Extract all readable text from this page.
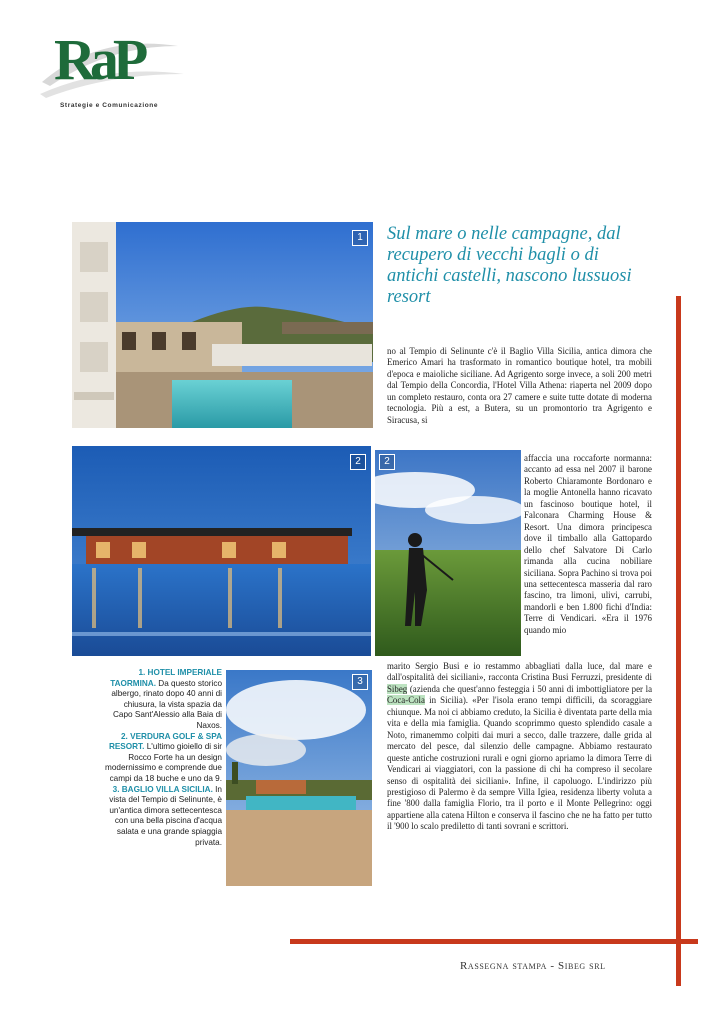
RaP
Strategie e Comunicazione
1
2	2
3
Sul mare o nelle campagne, dal recupero di vecchi bagli o di antichi castelli, nascono lussuosi resort

no al Tempio di Selinunte c'è il Baglio Villa Sicilia, antica dimora che Emerico Amari ha trasformato in romantico boutique hotel, tra mobili d'epoca e maioliche siciliane. Ad Agrigento sorge invece, a soli 200 metri dal Tempio della Concordia, l'Hotel Villa Athena: riaperta nel 2009 dopo un completo restauro, conta ora 27 camere e suite tutte dotate di moderna tecnologia. Più a est, a Butera, su un promontorio tra Agrigento e Siracusa, si

affaccia una roccaforte normanna: accanto ad essa nel 2007 il barone Roberto Chiaramonte Bordonaro e la moglie Antonella hanno ricavato un fascinoso boutique hotel, il Falconara Charming House & Resort. Una dimora principesca dove il timballo alla Gattopardo dello chef Salvatore Di Carlo rimanda alla cucina nobiliare siciliana. Sopra Pachino si trova poi una settecentesca masseria dal raro fascino, tra limoni, ulivi, carrubi, mandorli e ben 1.800 fichi d'India: Terre di Vendicari. «Era il 1976 quando mio

marito Sergio Busi e io restammo abbagliati dalla luce, dal mare e dall'ospitalità dei siciliani», racconta Cristina Busi Ferruzzi, presidente di Sibeg (azienda che quest'anno festeggia i 50 anni di imbottigliatore per la Coca-Cola in Sicilia). «Per l'isola erano tempi difficili, da scoraggiare chiunque. Ma noi ci abbiamo creduto, la Sicilia è diventata parte della mia vita e della mia famiglia. Quando scoprimmo questo splendido casale a Noto, rimanemmo colpiti dai muri a secco, dalle trazzere, dalle grida al mercato del pesce, dal silenzio delle campagne. Abbiamo restaurato queste antiche costruzioni rurali e ogni giorno apriamo la dimora Terre di Vendicari ai viaggiatori, con la passione di chi ha compreso il secolare senso di ospitalità dei siciliani». Infine, il capoluogo. L'indirizzo più prestigioso di Palermo è da sempre Villa Igiea, residenza liberty voluta a fine '800 dalla famiglia Florio, tra il porto e il Monte Pellegrino: oggi appartiene alla catena Hilton e conserva il fascino che ne ha fatto per tutto il '900 lo scalo prediletto di tanti sovrani e scrittori.

1. HOTEL IMPERIALE TAORMINA. Da questo storico albergo, rinato dopo 40 anni di chiusura, la vista spazia da Capo Sant'Alessio alla Baia di Naxos.
2. VERDURA GOLF & SPA RESORT. L'ultimo gioiello di sir Rocco Forte ha un design modernissimo e comprende due campi da 18 buche e uno da 9.
3. BAGLIO VILLA SICILIA. In vista del Tempio di Selinunte, è un'antica dimora settecentesca con una bella piscina d'acqua salata e una grande spiaggia privata.
Rassegna stampa - Sibeg srl
